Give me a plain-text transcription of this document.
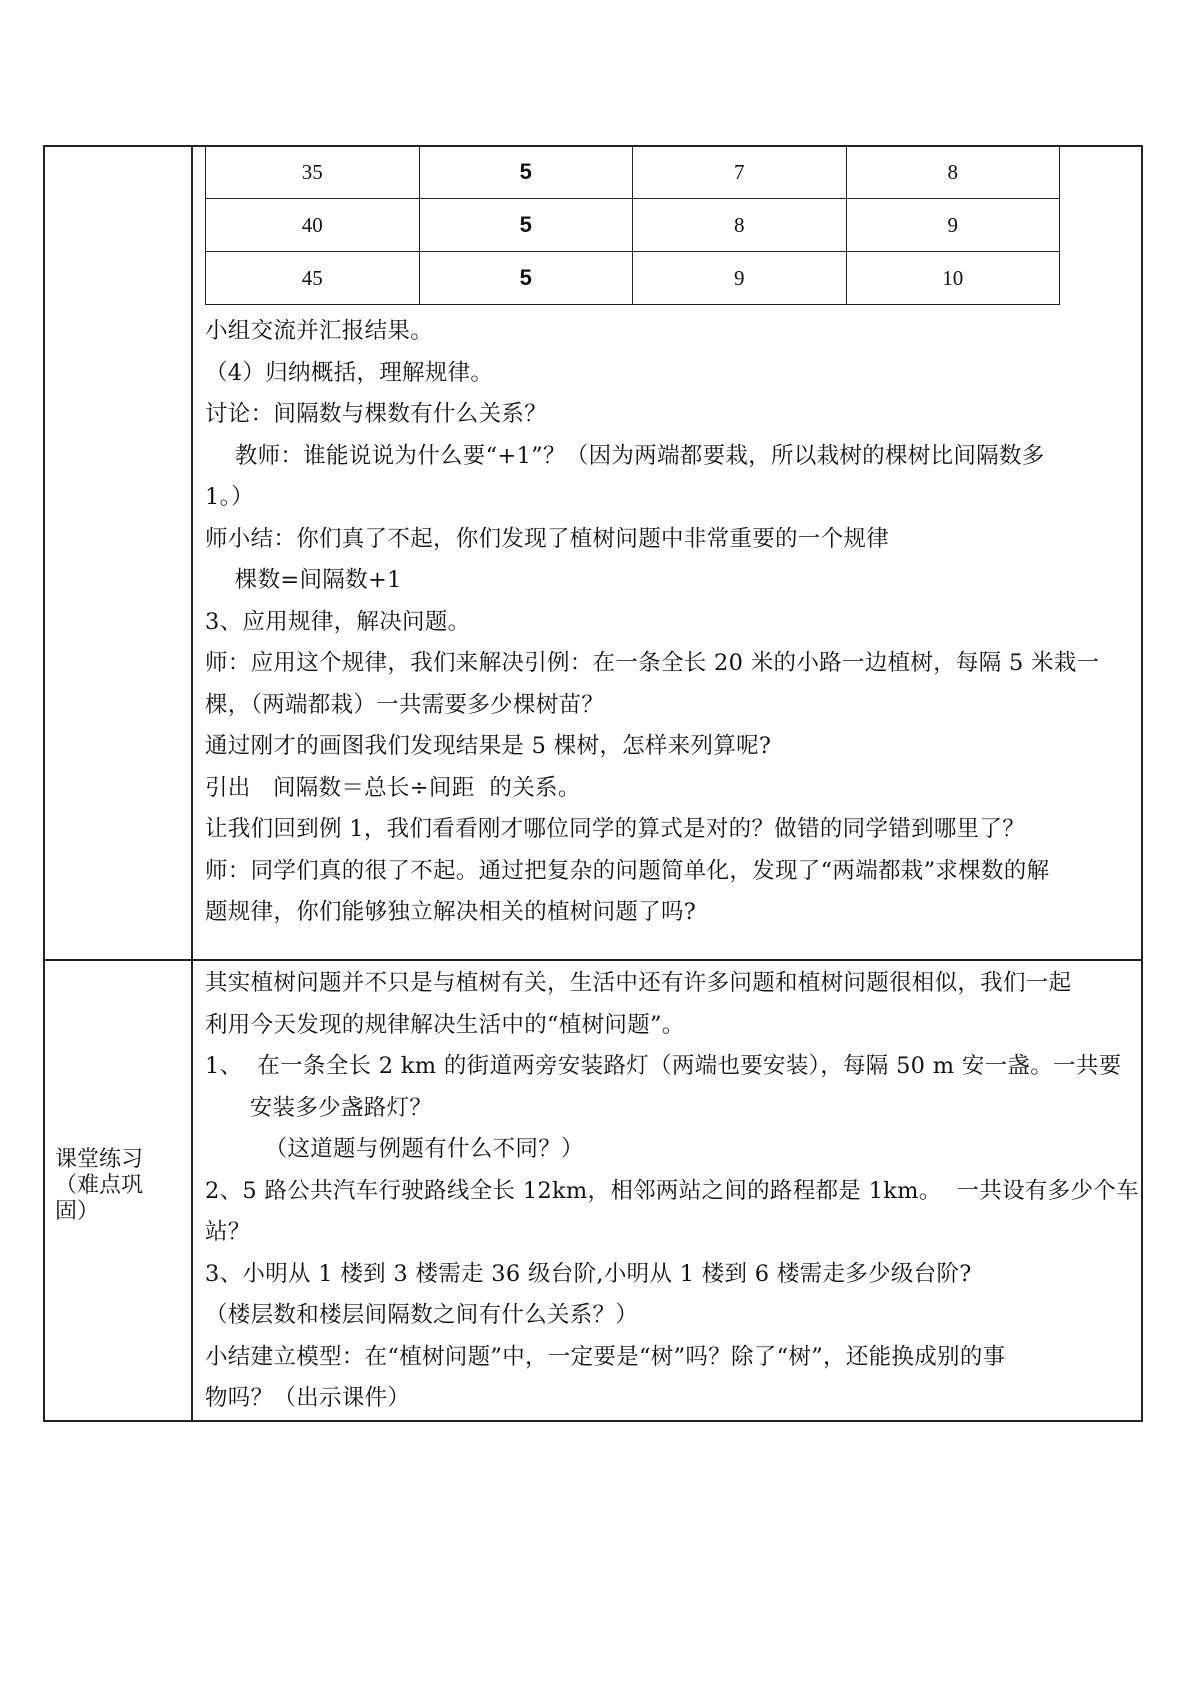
35	5	7	8
40	5	8	9
45	5	9	10
小组交流并汇报结果。
（4）归纳概括，理解规律。
讨论：间隔数与棵数有什么关系？
教师：谁能说说为什么要“+1”？（因为两端都要栽，所以栽树的棵树比间隔数多
1。）
师小结：你们真了不起，你们发现了植树问题中非常重要的一个规律
棵数=间隔数+1
3、应用规律，解决问题。
师：应用这个规律，我们来解决引例：在一条全长 20 米的小路一边植树，每隔 5 米栽一
棵，（两端都栽）一共需要多少棵树苗？
通过刚才的画图我们发现结果是 5 棵树，怎样来列算呢?
引出   间隔数＝总长÷间距  的关系。
让我们回到例 1，我们看看刚才哪位同学的算式是对的？做错的同学错到哪里了？
师：同学们真的很了不起。通过把复杂的问题简单化，发现了“两端都栽”求棵数的解
题规律，你们能够独立解决相关的植树问题了吗?

课堂练习
（难点巩
固）

其实植树问题并不只是与植树有关，生活中还有许多问题和植树问题很相似，我们一起
利用今天发现的规律解决生活中的“植树问题”。
1、  在一条全长 2 km 的街道两旁安装路灯（两端也要安装），每隔 50 m 安一盏。一共要
安装多少盏路灯？
（这道题与例题有什么不同？）
2、5 路公共汽车行驶路线全长 12km，相邻两站之间的路程都是 1km。  一共设有多少个车
站？
3、小明从 1 楼到 3 楼需走 36 级台阶,小明从 1 楼到 6 楼需走多少级台阶?
（楼层数和楼层间隔数之间有什么关系？）
小结建立模型：在“植树问题”中，一定要是“树”吗？除了“树”，还能换成别的事
物吗？（出示课件）
